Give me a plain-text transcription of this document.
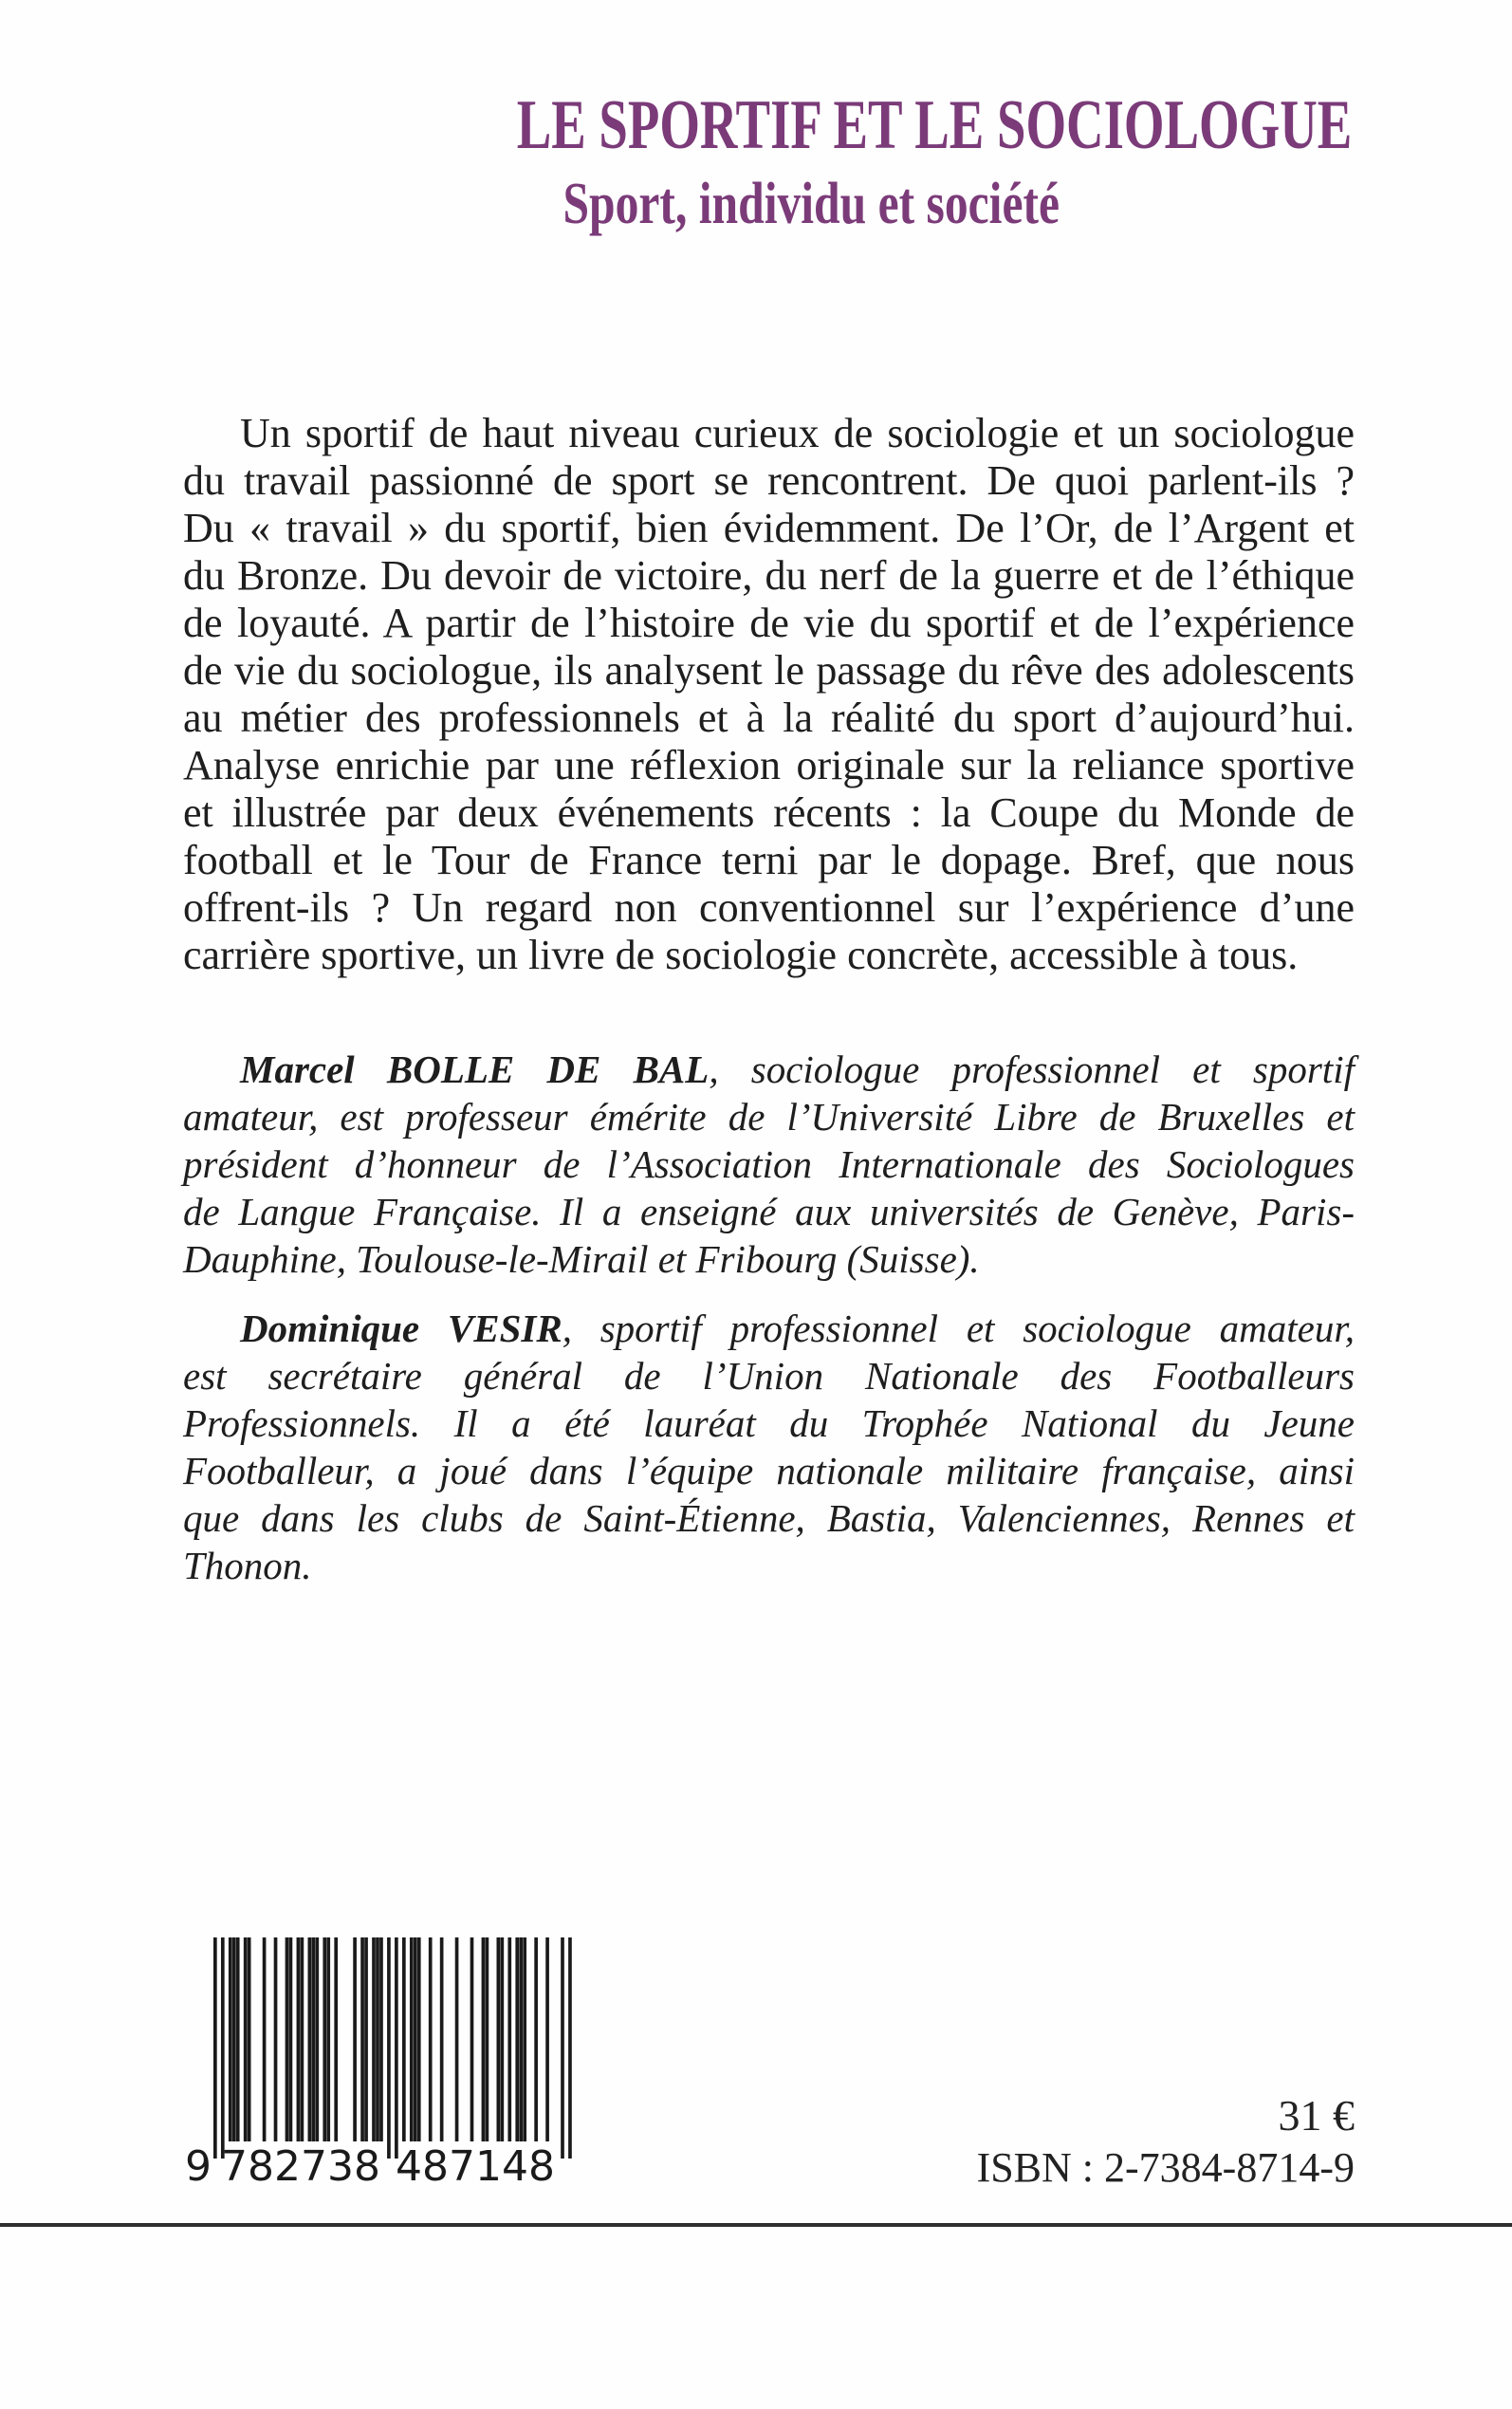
LE SPORTIF ET LE SOCIOLOGUE
Sport, individu et société
Un sportif de haut niveau curieux de sociologie et un sociologue
du travail passionné de sport se rencontrent. De quoi parlent-ils ?
Du « travail » du sportif, bien évidemment. De l’Or, de l’Argent et
du Bronze. Du devoir de victoire, du nerf de la guerre et de l’éthique
de loyauté. A partir de l’histoire de vie du sportif et de l’expérience
de vie du sociologue, ils analysent le passage du rêve des adolescents
au métier des professionnels et à la réalité du sport d’aujourd’hui.
Analyse enrichie par une réflexion originale sur la reliance sportive
et illustrée par deux événements récents : la Coupe du Monde de
football et le Tour de France terni par le dopage. Bref, que nous
offrent-ils ? Un regard non conventionnel sur l’expérience d’une
carrière sportive, un livre de sociologie concrète, accessible à tous.
Marcel BOLLE DE BAL, sociologue professionnel et sportif
amateur, est professeur émérite de l’Université Libre de Bruxelles et
président d’honneur de l’Association Internationale des Sociologues
de Langue Française. Il a enseigné aux universités de Genève, Paris-
Dauphine, Toulouse-le-Mirail et Fribourg (Suisse).
Dominique VESIR, sportif professionnel et sociologue amateur,
est secrétaire général de l’Union Nationale des Footballeurs
Professionnels. Il a été lauréat du Trophée National du Jeune
Footballeur, a joué dans l’équipe nationale militaire française, ainsi
que dans les clubs de Saint-Étienne, Bastia, Valenciennes, Rennes et
Thonon.
9 782738 487148
31 €
ISBN : 2-7384-8714-9
